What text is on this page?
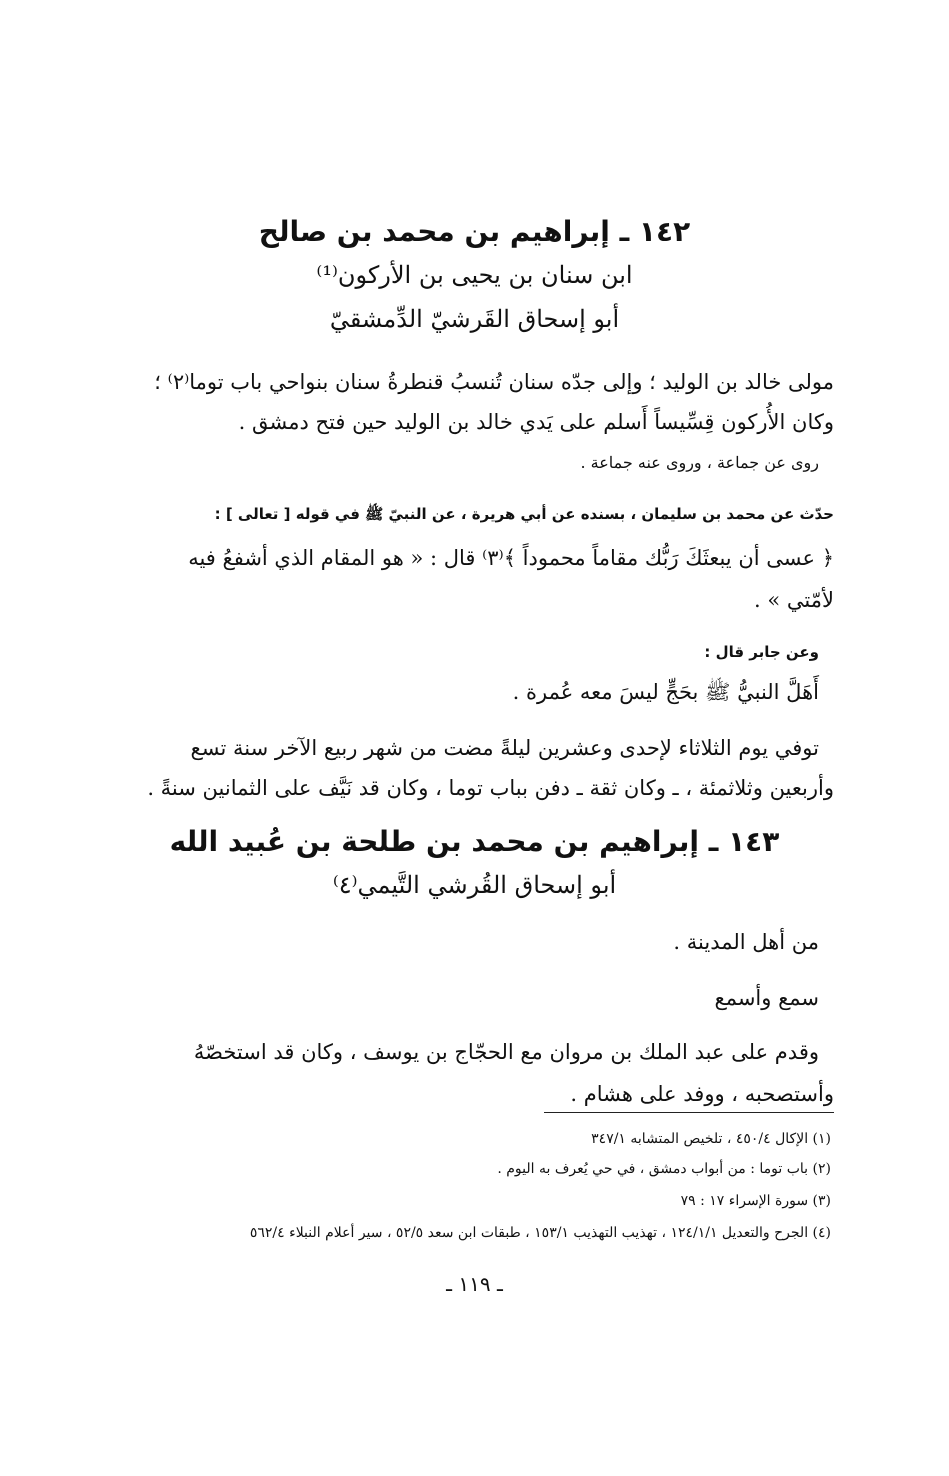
١٤٢ ـ إبراهيم بن محمد بن صالح
ابن سنان بن يحيى بن الأركون⁽¹⁾
أبو إسحاق القَرشيّ الدِّمشقيّ
مولى خالد بن الوليد ؛ وإلى جدّه سنان تُنسبُ قنطرةُ سنان بنواحي باب توما⁽٢⁾ ؛
وكان الأُركون قِسِّيساً أَسلم على يَدي خالد بن الوليد حين فتح دمشق .
روى عن جماعة ، وروى عنه جماعة .
حدّث عن محمد بن سليمان ، بسنده عن أبي هريرة ، عن النبيّ ﷺ في قوله [ تعالى ] :
﴿ عسى أن يبعثَكَ رَبُّك مقاماً محموداً ﴾⁽٣⁾ قال : « هو المقام الذي أشفعُ فيه
لأمّتي » .
وعن جابر قال :
أَهَلَّ النبيُّ ﷺ بحَجٍّ ليسَ معه عُمرة .
توفي يوم الثلاثاء لإحدى وعشرين ليلةً مضت من شهر ربيع الآخر سنة تسع
وأربعين وثلاثمئة ، ـ وكان ثقة ـ دفن بباب توما ، وكان قد نَيَّف على الثمانين سنةً .
١٤٣ ـ إبراهيم بن محمد بن طلحة بن عُبيد الله
أبو إسحاق القُرشي التَّيمي⁽٤⁾
من أهل المدينة .
سمع وأسمع
وقدم على عبد الملك بن مروان مع الحجّاج بن يوسف ، وكان قد استخصّهُ
وأستصحبه ، ووفد على هشام .
(١) الإكال ٤٥٠/٤ ، تلخيص المتشابه ٣٤٧/١
(٢) باب توما : من أبواب دمشق ، في حي يُعرف به اليوم .
(٣) سورة الإسراء ١٧ : ٧٩
(٤) الجرح والتعديل ١٢٤/١/١ ، تهذيب التهذيب ١٥٣/١ ، طبقات ابن سعد ٥٢/٥ ، سير أعلام النبلاء ٥٦٢/٤
ـ ١١٩ ـ
